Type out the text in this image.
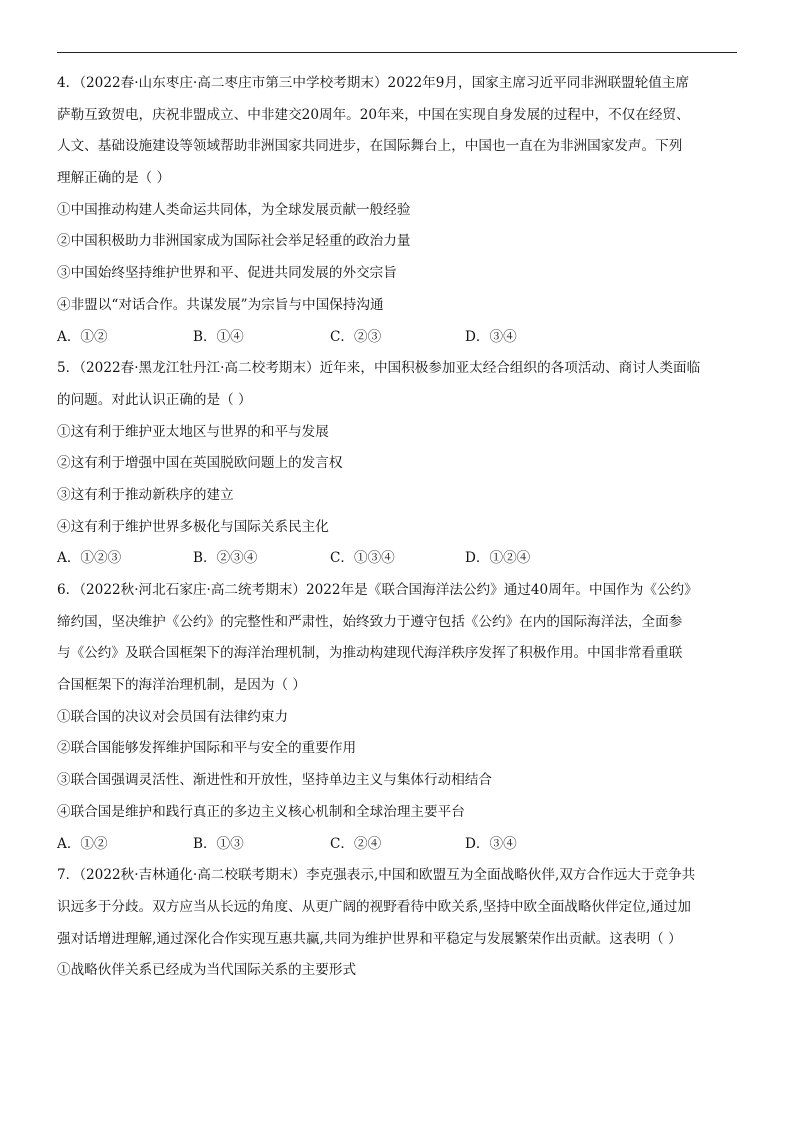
4．（2022春·山东枣庄·高二枣庄市第三中学校考期末）2022年9月，国家主席习近平同非洲联盟轮值主席
萨勒互致贺电，庆祝非盟成立、中非建交20周年。20年来，中国在实现自身发展的过程中，不仅在经贸、
人文、基础设施建设等领域帮助非洲国家共同进步，在国际舞台上，中国也一直在为非洲国家发声。下列
理解正确的是（ ）
①中国推动构建人类命运共同体，为全球发展贡献一般经验
②中国积极助力非洲国家成为国际社会举足轻重的政治力量
③中国始终坚持维护世界和平、促进共同发展的外交宗旨
④非盟以“对话合作。共谋发展”为宗旨与中国保持沟通
A．①②	B．①④	C．②③	D．③④
5．（2022春·黑龙江牡丹江·高二校考期末）近年来，中国积极参加亚太经合组织的各项活动、商讨人类面临
的问题。对此认识正确的是（ ）
①这有利于维护亚太地区与世界的和平与发展
②这有利于增强中国在英国脱欧问题上的发言权
③这有利于推动新秩序的建立
④这有利于维护世界多极化与国际关系民主化
A．①②③	B．②③④	C．①③④	D．①②④
6．（2022秋·河北石家庄·高二统考期末）2022年是《联合国海洋法公约》通过40周年。中国作为《公约》
缔约国，坚决维护《公约》的完整性和严肃性，始终致力于遵守包括《公约》在内的国际海洋法，全面参
与《公约》及联合国框架下的海洋治理机制，为推动构建现代海洋秩序发挥了积极作用。中国非常看重联
合国框架下的海洋治理机制，是因为（ ）
①联合国的决议对会员国有法律约束力
②联合国能够发挥维护国际和平与安全的重要作用
③联合国强调灵活性、渐进性和开放性，坚持单边主义与集体行动相结合
④联合国是维护和践行真正的多边主义核心机制和全球治理主要平台
A．①②	B．①③	C．②④	D．③④
7．（2022秋·吉林通化·高二校联考期末）李克强表示,中国和欧盟互为全面战略伙伴,双方合作远大于竞争共
识远多于分歧。双方应当从长远的角度、从更广阔的视野看待中欧关系,坚持中欧全面战略伙伴定位,通过加
强对话增进理解,通过深化合作实现互惠共赢,共同为维护世界和平稳定与发展繁荣作出贡献。这表明（ ）
①战略伙伴关系已经成为当代国际关系的主要形式
